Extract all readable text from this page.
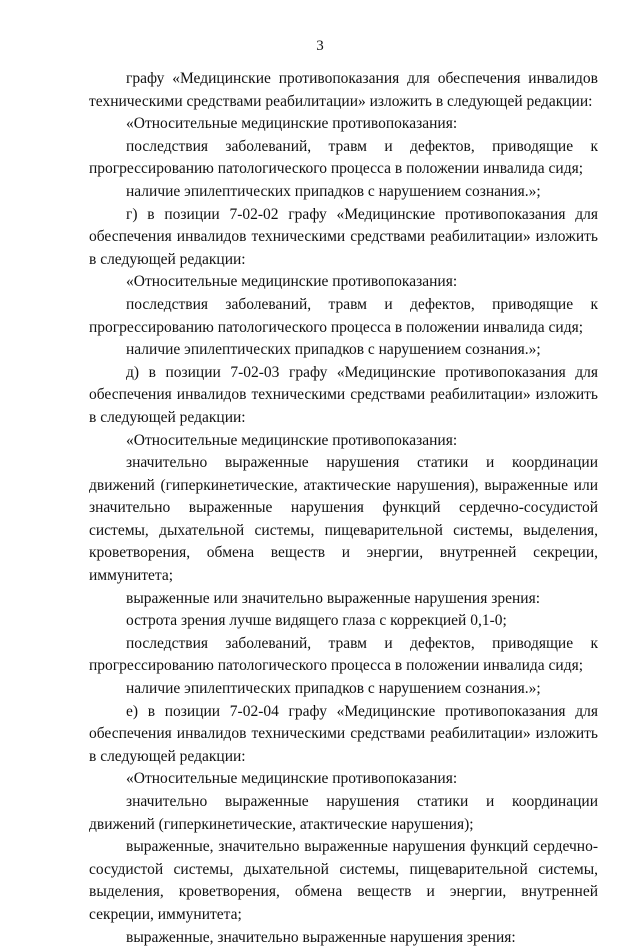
3

графу «Медицинские противопоказания для обеспечения инвалидов техническими средствами реабилитации» изложить в следующей редакции:

«Относительные медицинские противопоказания:

последствия заболеваний, травм и дефектов, приводящие к прогрессированию патологического процесса в положении инвалида сидя;

наличие эпилептических припадков с нарушением сознания.»;

г) в позиции 7-02-02 графу «Медицинские противопоказания для обеспечения инвалидов техническими средствами реабилитации» изложить в следующей редакции:

«Относительные медицинские противопоказания:

последствия заболеваний, травм и дефектов, приводящие к прогрессированию патологического процесса в положении инвалида сидя;

наличие эпилептических припадков с нарушением сознания.»;

д) в позиции 7-02-03 графу «Медицинские противопоказания для обеспечения инвалидов техническими средствами реабилитации» изложить в следующей редакции:

«Относительные медицинские противопоказания:

значительно выраженные нарушения статики и координации движений (гиперкинетические, атактические нарушения), выраженные или значительно выраженные нарушения функций сердечно-сосудистой системы, дыхательной системы, пищеварительной системы, выделения, кроветворения, обмена веществ и энергии, внутренней секреции, иммунитета;

выраженные или значительно выраженные нарушения зрения:

острота зрения лучше видящего глаза с коррекцией 0,1-0;

последствия заболеваний, травм и дефектов, приводящие к прогрессированию патологического процесса в положении инвалида сидя;

наличие эпилептических припадков с нарушением сознания.»;

е) в позиции 7-02-04 графу «Медицинские противопоказания для обеспечения инвалидов техническими средствами реабилитации» изложить в следующей редакции:

«Относительные медицинские противопоказания:

значительно выраженные нарушения статики и координации движений (гиперкинетические, атактические нарушения);

выраженные, значительно выраженные нарушения функций сердечно-сосудистой системы, дыхательной системы, пищеварительной системы, выделения, кроветворения, обмена веществ и энергии, внутренней секреции, иммунитета;

выраженные, значительно выраженные нарушения зрения:
